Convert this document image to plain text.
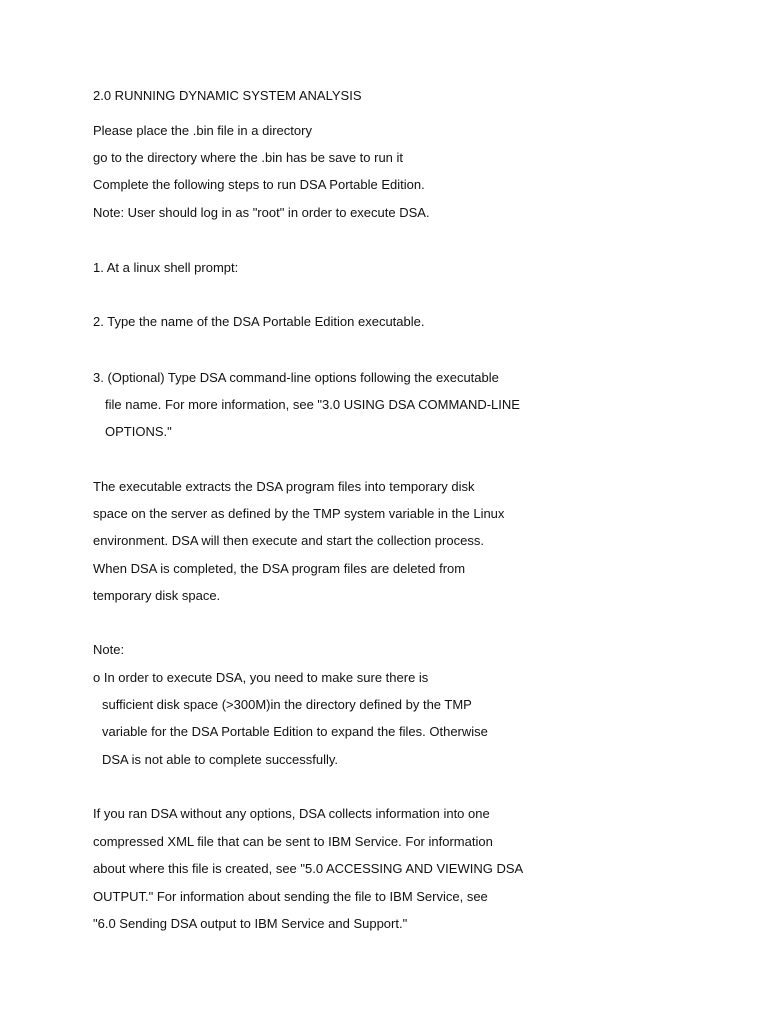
2.0 RUNNING DYNAMIC SYSTEM ANALYSIS
Please place the .bin file in a directory
go to the directory where the .bin has be save to run it
Complete the following steps to run DSA Portable Edition.
Note: User should log in as "root" in order to execute DSA.
1. At a linux shell prompt:
2. Type the name of the DSA Portable Edition executable.
3. (Optional) Type DSA command-line options following the executable
file name. For more information, see "3.0 USING DSA COMMAND-LINE
OPTIONS."
The executable extracts the DSA program files into temporary disk
space on the server as defined by the TMP system variable in the Linux
environment. DSA will then execute and start the collection process.
When DSA is completed, the DSA program files are deleted from
temporary disk space.
Note:
o In order to execute DSA, you need to make sure there is
sufficient disk space (>300M)in the directory defined by the TMP
variable for the DSA Portable Edition to expand the files. Otherwise
DSA is not able to complete successfully.
If you ran DSA without any options, DSA collects information into one
compressed XML file that can be sent to IBM Service. For information
about where this file is created, see "5.0 ACCESSING AND VIEWING DSA
OUTPUT." For information about sending the file to IBM Service, see
"6.0 Sending DSA output to IBM Service and Support."
